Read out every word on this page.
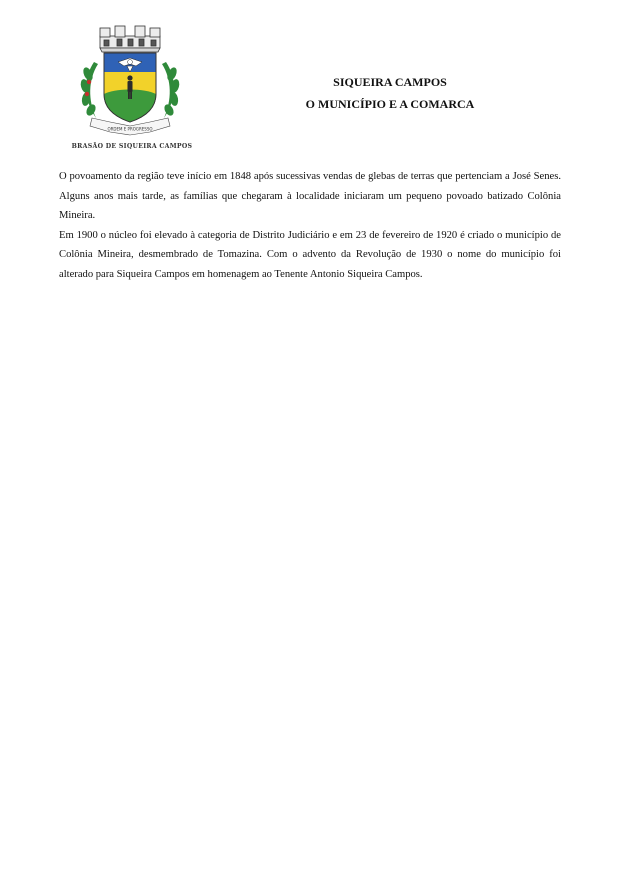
ORDEM E PROGRESSO
BRASÃO DE SIQUEIRA CAMPOS
SIQUEIRA CAMPOS
O MUNICÍPIO E A COMARCA

O povoamento da região teve início em 1848 após sucessivas vendas de glebas de terras que pertenciam a José Senes. Alguns anos mais tarde, as famílias que chegaram à localidade iniciaram um pequeno povoado batizado Colônia Mineira.

Em 1900 o núcleo foi elevado à categoria de Distrito Judiciário e em 23 de fevereiro de 1920 é criado o município de Colônia Mineira, desmembrado de Tomazina. Com o advento da Revolução de 1930 o nome do município foi alterado para Siqueira Campos em homenagem ao Tenente Antonio Siqueira Campos.
